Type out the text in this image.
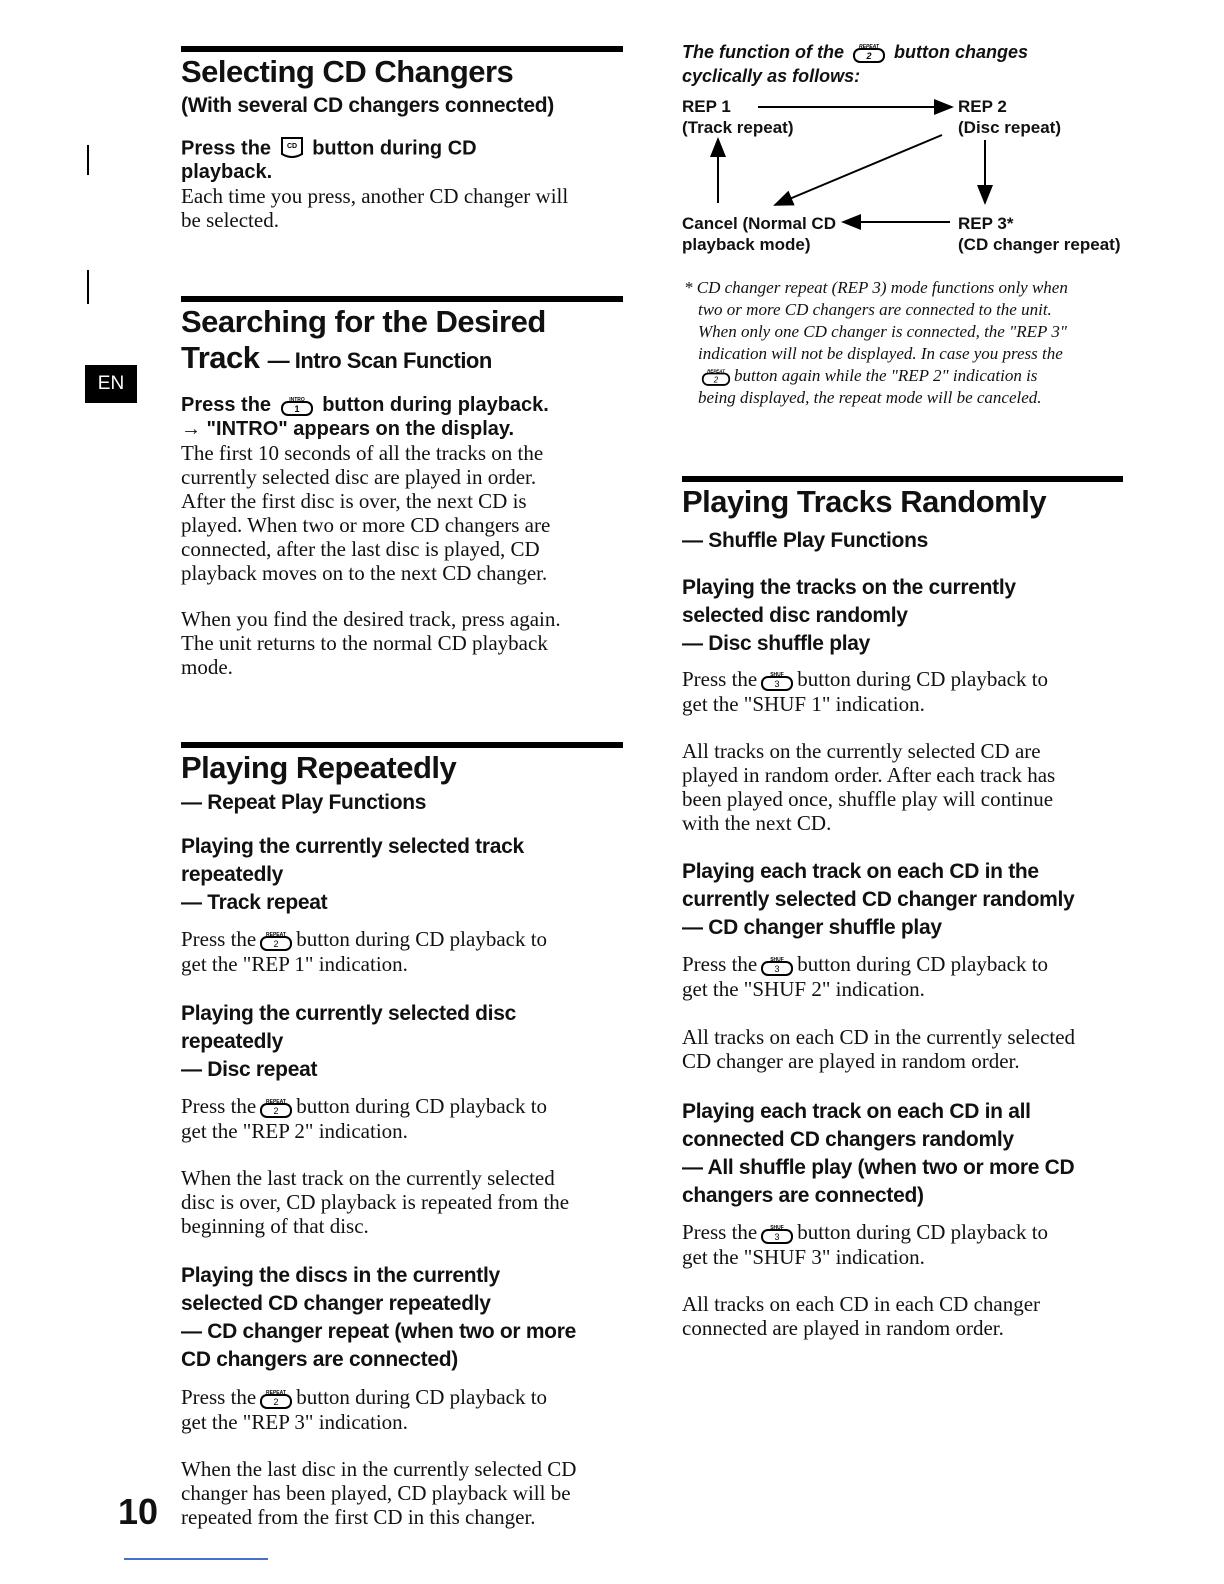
EN
Selecting CD Changers
(With several CD changers connected)
Press the CD button during CD
playback.
Each time you press, another CD changer will
be selected.
Searching for the Desired
Track — Intro Scan Function
Press the	INTRO
1 button during playback.
→ "INTRO" appears on the display.
The first 10 seconds of all the tracks on the
currently selected disc are played in order.
After the first disc is over, the next CD is
played. When two or more CD changers are
connected, after the last disc is played, CD
playback moves on to the next CD changer.
When you find the desired track, press again.
The unit returns to the normal CD playback
mode.
Playing Repeatedly
— Repeat Play Functions
Playing the currently selected track
repeatedly
— Track repeat
Press the REPEAT
2 button during CD playback to
get the "REP 1" indication.
Playing the currently selected disc
repeatedly
— Disc repeat
Press the REPEAT
2 button during CD playback to
get the "REP 2" indication.
When the last track on the currently selected
disc is over, CD playback is repeated from the
beginning of that disc.
Playing the discs in the currently
selected CD changer repeatedly
— CD changer repeat (when two or more
CD changers are connected)
Press the REPEAT
2 button during CD playback to
get the "REP 3" indication.
When the last disc in the currently selected CD
changer has been played, CD playback will be
repeated from the first CD in this changer.
10
The function of the	REPEAT
2 button changes
cyclically as follows:
REP 1
(Track repeat)
REP 2
(Disc repeat)
Cancel (Normal CD
playback mode)
REP 3*
(CD changer repeat)
* CD changer repeat (REP 3) mode functions only when
two or more CD changers are connected to the unit.
When only one CD changer is connected, the "REP 3"
indication will not be displayed. In case you press the
REPEAT
2 button again while the "REP 2" indication is
being displayed, the repeat mode will be canceled.
Playing Tracks Randomly
— Shuffle Play Functions
Playing the tracks on the currently
selected disc randomly
— Disc shuffle play
Press the	SHUF
3 button during CD playback to
get the "SHUF 1" indication.
All tracks on the currently selected CD are
played in random order. After each track has
been played once, shuffle play will continue
with the next CD.
Playing each track on each CD in the
currently selected CD changer randomly
— CD changer shuffle play
Press the	SHUF
3 button during CD playback to
get the "SHUF 2" indication.
All tracks on each CD in the currently selected
CD changer are played in random order.
Playing each track on each CD in all
connected CD changers randomly
— All shuffle play (when two or more CD
changers are connected)
Press the	SHUF
3 button during CD playback to
get the "SHUF 3" indication.
All tracks on each CD in each CD changer
connected are played in random order.
